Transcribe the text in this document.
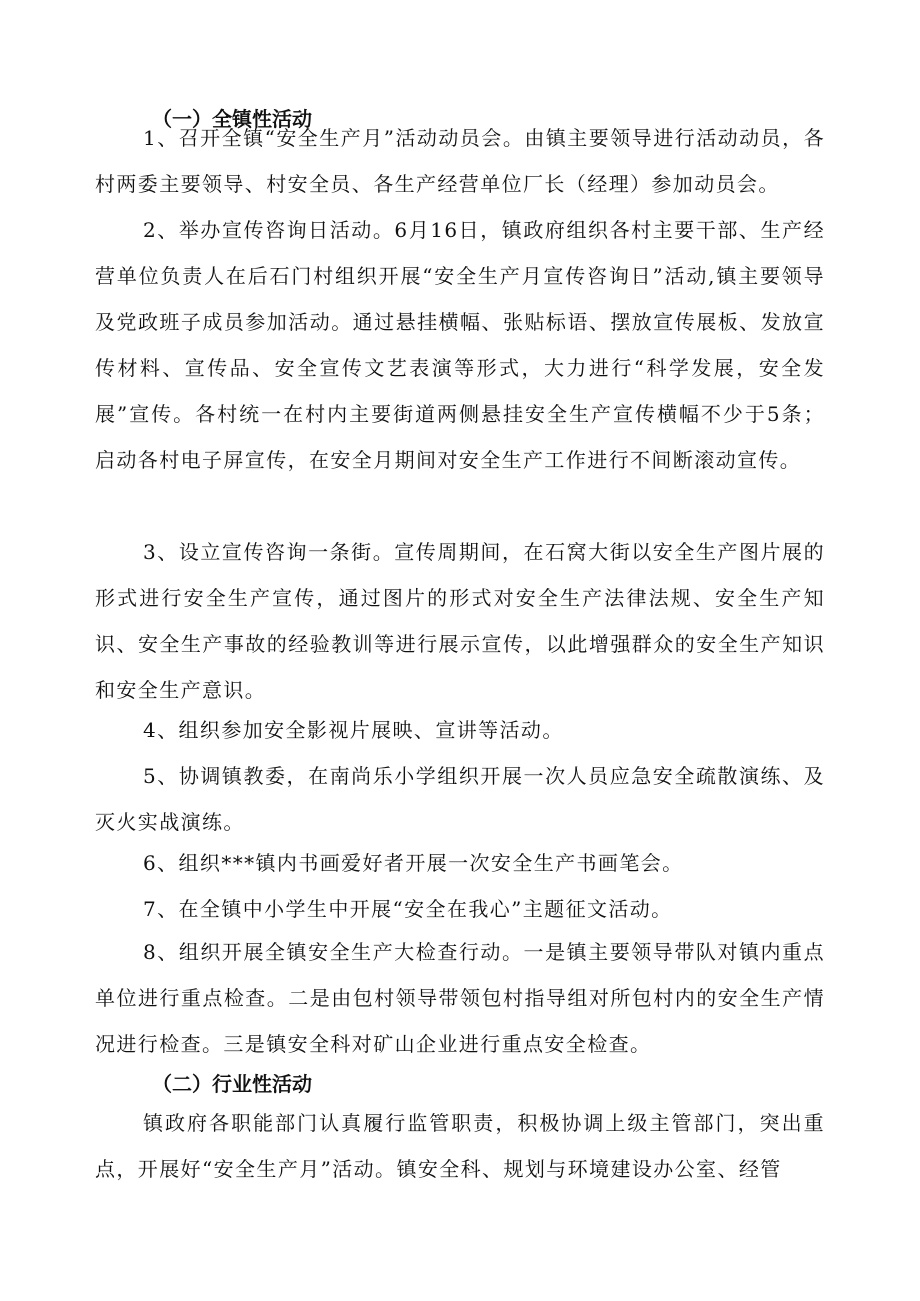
（一）全镇性活动

1、召开全镇“安全生产月”活动动员会。由镇主要领导进行活动动员，各村两委主要领导、村安全员、各生产经营单位厂长（经理）参加动员会。

2、举办宣传咨询日活动。6月16日，镇政府组织各村主要干部、生产经营单位负责人在后石门村组织开展“安全生产月宣传咨询日”活动,镇主要领导及党政班子成员参加活动。通过悬挂横幅、张贴标语、摆放宣传展板、发放宣传材料、宣传品、安全宣传文艺表演等形式，大力进行“科学发展，安全发展”宣传。各村统一在村内主要街道两侧悬挂安全生产宣传横幅不少于5条；启动各村电子屏宣传，在安全月期间对安全生产工作进行不间断滚动宣传。

3、设立宣传咨询一条街。宣传周期间，在石窝大街以安全生产图片展的形式进行安全生产宣传，通过图片的形式对安全生产法律法规、安全生产知识、安全生产事故的经验教训等进行展示宣传，以此增强群众的安全生产知识和安全生产意识。

4、组织参加安全影视片展映、宣讲等活动。

5、协调镇教委，在南尚乐小学组织开展一次人员应急安全疏散演练、及灭火实战演练。

6、组织***镇内书画爱好者开展一次安全生产书画笔会。

7、在全镇中小学生中开展“安全在我心”主题征文活动。

8、组织开展全镇安全生产大检查行动。一是镇主要领导带队对镇内重点单位进行重点检查。二是由包村领导带领包村指导组对所包村内的安全生产情况进行检查。三是镇安全科对矿山企业进行重点安全检查。

（二）行业性活动

镇政府各职能部门认真履行监管职责，积极协调上级主管部门，突出重点，开展好“安全生产月”活动。镇安全科、规划与环境建设办公室、经管
